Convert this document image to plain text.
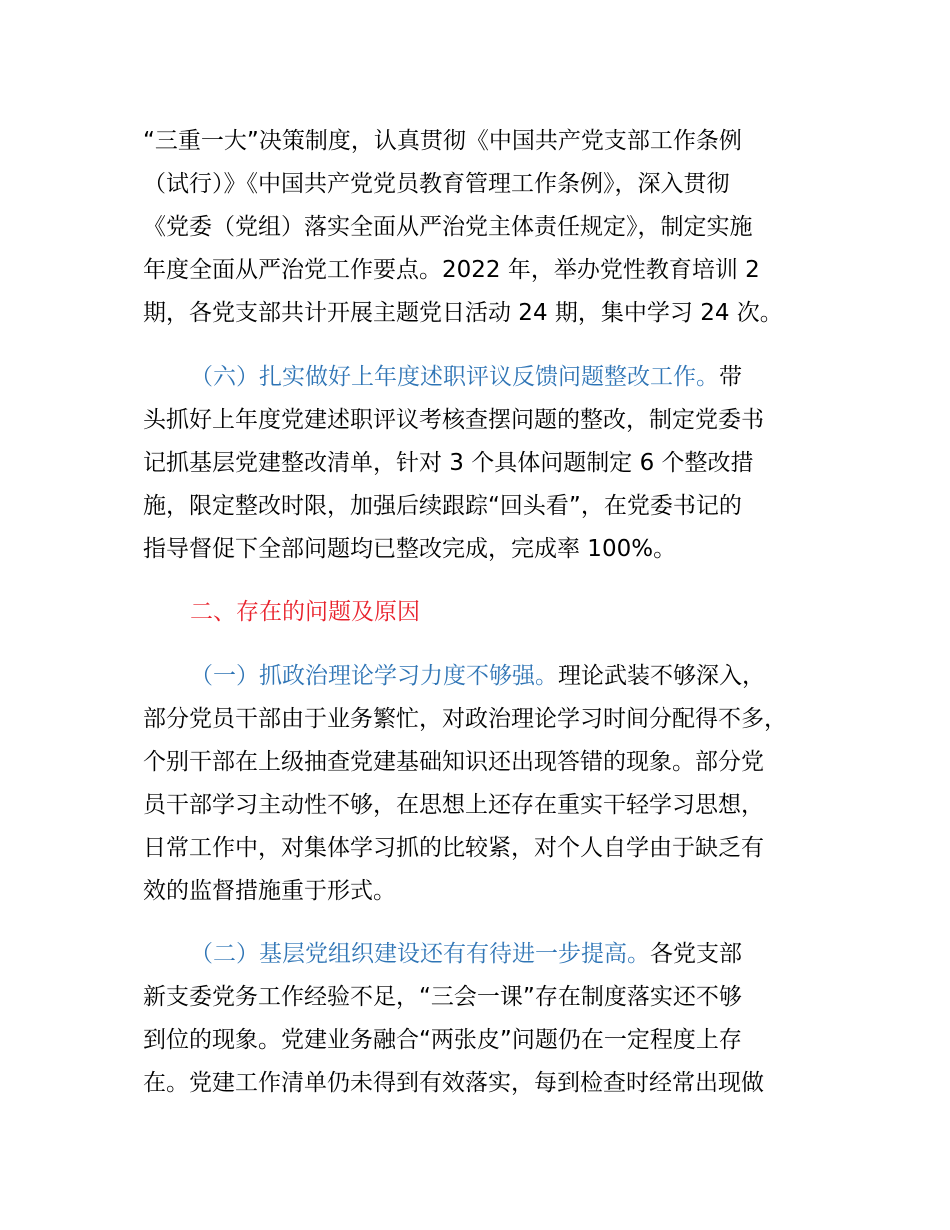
“三重一大”决策制度，认真贯彻《中国共产党支部工作条例
（试行）》《中国共产党党员教育管理工作条例》，深入贯彻
《党委（党组）落实全面从严治党主体责任规定》，制定实施
年度全面从严治党工作要点。2022 年，举办党性教育培训 2
期，各党支部共计开展主题党日活动 24 期，集中学习 24 次。
（六）扎实做好上年度述职评议反馈问题整改工作。带
头抓好上年度党建述职评议考核查摆问题的整改，制定党委书
记抓基层党建整改清单，针对 3 个具体问题制定 6 个整改措
施，限定整改时限，加强后续跟踪“回头看”，在党委书记的
指导督促下全部问题均已整改完成，完成率 100%。
二、存在的问题及原因
（一）抓政治理论学习力度不够强。理论武装不够深入，
部分党员干部由于业务繁忙，对政治理论学习时间分配得不多，
个别干部在上级抽查党建基础知识还出现答错的现象。部分党
员干部学习主动性不够，在思想上还存在重实干轻学习思想，
日常工作中，对集体学习抓的比较紧，对个人自学由于缺乏有
效的监督措施重于形式。
（二）基层党组织建设还有有待进一步提高。各党支部
新支委党务工作经验不足，“三会一课”存在制度落实还不够
到位的现象。党建业务融合“两张皮”问题仍在一定程度上存
在。党建工作清单仍未得到有效落实，每到检查时经常出现做
